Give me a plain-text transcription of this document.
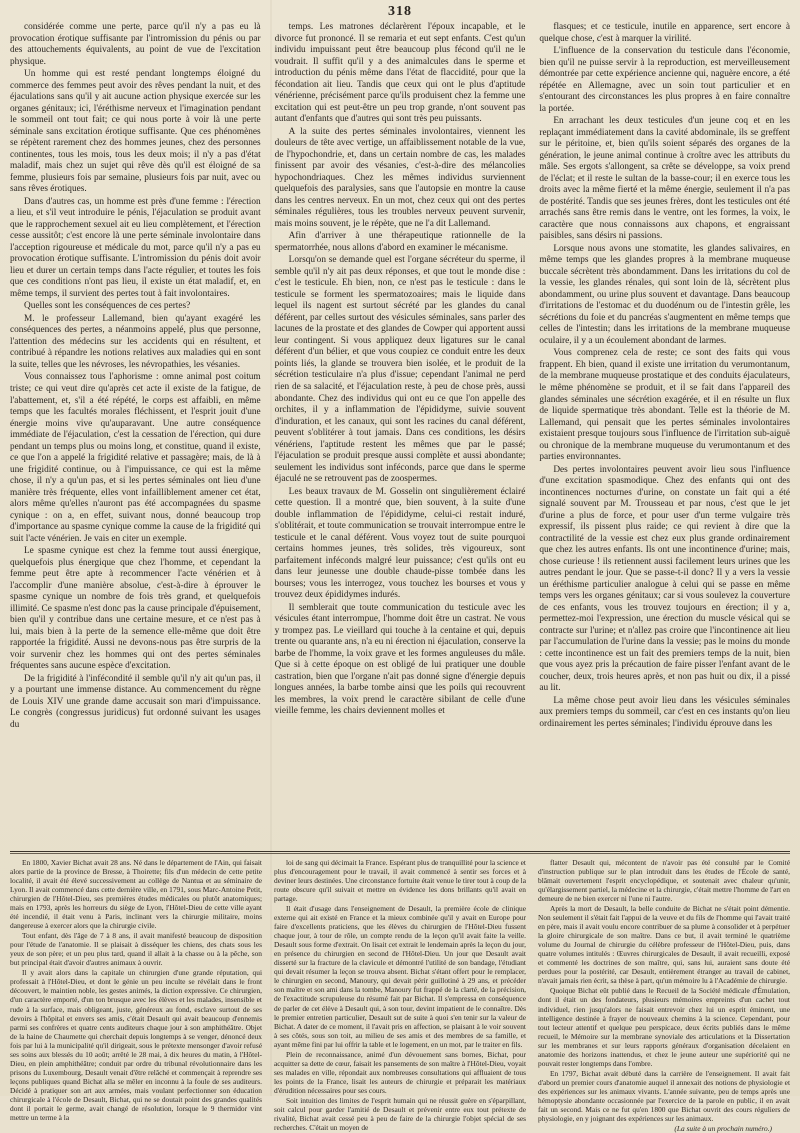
318

considérée comme une perte, parce qu'il n'y a pas eu là provocation érotique suffisante par l'intromission du pénis ou par des attouchements équivalents, au point de vue de l'excitation physique.

Un homme qui est resté pendant longtemps éloigné du commerce des femmes peut avoir des rêves pendant la nuit, et des éjaculations sans qu'il y ait aucune action physique exercée sur les organes génitaux; ici, l'éréthisme nerveux et l'imagination pendant le sommeil ont tout fait; ce qui nous porte à voir là une perte séminale sans excitation érotique suffisante. Que ces phénomènes se répètent rarement chez des hommes jeunes, chez des personnes continentes, tous les mois, tous les deux mois; il n'y a pas d'état maladif, mais chez un sujet qui rêve dès qu'il est éloigné de sa femme, plusieurs fois par semaine, plusieurs fois par nuit, avec ou sans rêves érotiques.

Dans d'autres cas, un homme est près d'une femme : l'érection a lieu, et s'il veut introduire le pénis, l'éjaculation se produit avant que le rapprochement sexuel ait eu lieu complètement, et l'érection cesse aussitôt; c'est encore là une perte séminale involontaire dans l'acception rigoureuse et médicale du mot, parce qu'il n'y a pas eu provocation érotique suffisante. L'intromission du pénis doit avoir lieu et durer un certain temps dans l'acte régulier, et toutes les fois que ces conditions n'ont pas lieu, il existe un état maladif, et, en même temps, il survient des pertes tout à fait involontaires.

Quelles sont les conséquences de ces pertes?

M. le professeur Lallemand, bien qu'ayant exagéré les conséquences des pertes, a néanmoins appelé, plus que personne, l'attention des médecins sur les accidents qui en résultent, et contribué à répandre les notions relatives aux maladies qui en sont la suite, telles que les névroses, les névropathies, les vésanies.

Vous connaissez tous l'aphorisme : omne animal post coitum triste; ce qui veut dire qu'après cet acte il existe de la fatigue, de l'abattement, et, s'il a été répété, le corps est affaibli, en même temps que les facultés morales fléchissent, et l'esprit jouit d'une énergie moins vive qu'auparavant. Une autre conséquence immédiate de l'éjaculation, c'est la cessation de l'érection, qui dure pendant un temps plus ou moins long, et constitue, quand il existe, ce que l'on a appelé la frigidité relative et passagère; mais, de là à une frigidité continue, ou à l'impuissance, ce qui est la même chose, il n'y a qu'un pas, et si les pertes séminales ont lieu d'une manière très fréquente, elles vont infailliblement amener cet état, alors même qu'elles n'auront pas été accompagnées du spasme cynique : on a, en effet, suivant nous, donné beaucoup trop d'importance au spasme cynique comme la cause de la frigidité qui suit l'acte vénérien. Je vais en citer un exemple.

Le spasme cynique est chez la femme tout aussi énergique, quelquefois plus énergique que chez l'homme, et cependant la femme peut être apte à recommencer l'acte vénérien et à l'accomplir d'une manière absolue, c'est-à-dire à éprouver le spasme cynique un nombre de fois très grand, et quelquefois illimité. Ce spasme n'est donc pas la cause principale d'épuisement, bien qu'il y contribue dans une certaine mesure, et ce n'est pas à lui, mais bien à la perte de la semence elle-même que doit être rapportée la frigidité. Aussi ne devons-nous pas être surpris de la voir survenir chez les hommes qui ont des pertes séminales fréquentes sans aucune espèce d'excitation.

De la frigidité à l'infécondité il semble qu'il n'y ait qu'un pas, il y a pourtant une immense distance. Au commencement du règne de Louis XIV une grande dame accusait son mari d'impuissance. Le congrès (congressus juridicus) fut ordonné suivant les usages du

temps. Les matrones déclarèrent l'époux incapable, et le divorce fut prononcé. Il se remaria et eut sept enfants. C'est qu'un individu impuissant peut être beaucoup plus fécond qu'il ne le voudrait. Il suffit qu'il y a des animalcules dans le sperme et introduction du pénis même dans l'état de flaccidité, pour que la fécondation ait lieu. Tandis que ceux qui ont le plus d'aptitude vénérienne, précisément parce qu'ils produisent chez la femme une excitation qui est peut-être un peu trop grande, n'ont souvent pas autant d'enfants que d'autres qui sont très peu puissants.

A la suite des pertes séminales involontaires, viennent les douleurs de tête avec vertige, un affaiblissement notable de la vue, de l'hypochondrie, et, dans un certain nombre de cas, les malades finissent par avoir des vésanies, c'est-à-dire des mélancolies hypochondriaques. Chez les mêmes individus surviennent quelquefois des paralysies, sans que l'autopsie en montre la cause dans les centres nerveux. En un mot, chez ceux qui ont des pertes séminales régulières, tous les troubles nerveux peuvent survenir, mais moins souvent, je le répète, que ne l'a dit Lallemand.

Afin d'arriver à une thérapeutique rationnelle de la spermatorrhée, nous allons d'abord en examiner le mécanisme.

Lorsqu'on se demande quel est l'organe sécréteur du sperme, il semble qu'il n'y ait pas deux réponses, et que tout le monde dise : c'est le testicule. Eh bien, non, ce n'est pas le testicule : dans le testicule se forment les spermatozoaires; mais le liquide dans lequel ils nagent est surtout sécrété par les glandes du canal déférent, par celles surtout des vésicules séminales, sans parler des lacunes de la prostate et des glandes de Cowper qui apportent aussi leur contingent. Si vous appliquez deux ligatures sur le canal déférent d'un bélier, et que vous coupiez ce conduit entre les deux points liés, la glande se trouvera bien isolée, et le produit de la sécrétion testiculaire n'a plus d'issue; cependant l'animal ne perd rien de sa salacité, et l'éjaculation reste, à peu de chose près, aussi abondante. Chez des individus qui ont eu ce que l'on appelle des orchites, il y a inflammation de l'épididyme, suivie souvent d'induration, et les canaux, qui sont les racines du canal déférent, peuvent s'oblitérer à tout jamais. Dans ces conditions, les désirs vénériens, l'aptitude restent les mêmes que par le passé; l'éjaculation se produit presque aussi complète et aussi abondante; seulement les individus sont inféconds, parce que dans le sperme éjaculé ne se retrouvent pas de zoospermes.

Les beaux travaux de M. Gosselin ont singulièrement éclairé cette question. Il a montré que, bien souvent, à la suite d'une double inflammation de l'épididyme, celui-ci restait induré, s'oblitérait, et toute communication se trouvait interrompue entre le testicule et le canal déférent. Vous voyez tout de suite pourquoi certains hommes jeunes, très solides, très vigoureux, sont parfaitement inféconds malgré leur puissance; c'est qu'ils ont eu dans leur jeunesse une double chaude-pisse tombée dans les bourses; vous les interrogez, vous touchez les bourses et vous y trouvez deux épididymes indurés.

Il semblerait que toute communication du testicule avec les vésicules étant interrompue, l'homme doit être un castrat. Ne vous y trompez pas. Le vieillard qui touche à la centaine et qui, depuis trente ou quarante ans, n'a eu ni érection ni éjaculation, conserve la barbe de l'homme, la voix grave et les formes anguleuses du mâle. Que si à cette époque on est obligé de lui pratiquer une double castration, bien que l'organe n'ait pas donné signe d'énergie depuis longues années, la barbe tombe ainsi que les poils qui recouvrent les membres, la voix prend le caractère sibilant de celle d'une vieille femme, les chairs deviennent molles et

flasques; et ce testicule, inutile en apparence, sert encore à quelque chose, c'est à marquer la virilité.

L'influence de la conservation du testicule dans l'économie, bien qu'il ne puisse servir à la reproduction, est merveilleusement démontrée par cette expérience ancienne qui, naguère encore, a été répétée en Allemagne, avec un soin tout particulier et en s'entourant des circonstances les plus propres à en faire connaître la portée.

En arrachant les deux testicules d'un jeune coq et en les replaçant immédiatement dans la cavité abdominale, ils se greffent sur le péritoine, et, bien qu'ils soient séparés des organes de la génération, le jeune animal continue à croître avec les attributs du mâle. Ses ergots s'allongent, sa crête se développe, sa voix prend de l'éclat; et il reste le sultan de la basse-cour; il en exerce tous les droits avec la même fierté et la même énergie, seulement il n'a pas de postérité. Tandis que ses jeunes frères, dont les testicules ont été arrachés sans être remis dans le ventre, ont les formes, la voix, le caractère que nous connaissons aux chapons, et engraissant paisibles, sans désirs ni passions.

Lorsque nous avons une stomatite, les glandes salivaires, en même temps que les glandes propres à la membrane muqueuse buccale sécrètent très abondamment. Dans les irritations du col de la vessie, les glandes rénales, qui sont loin de là, sécrètent plus abondamment, ou urine plus souvent et davantage. Dans beaucoup d'irritations de l'estomac et du duodénum ou de l'intestin grêle, les sécrétions du foie et du pancréas s'augmentent en même temps que celles de l'intestin; dans les irritations de la membrane muqueuse oculaire, il y a un écoulement abondant de larmes.

Vous comprenez cela de reste; ce sont des faits qui vous frappent. Eh bien, quand il existe une irritation du verumontanum, de la membrane muqueuse prostatique et des conduits éjaculateurs, le même phénomène se produit, et il se fait dans l'appareil des glandes séminales une sécrétion exagérée, et il en résulte un flux de liquide spermatique très abondant. Telle est la théorie de M. Lallemand, qui pensait que les pertes séminales involontaires existaient presque toujours sous l'influence de l'irritation sub-aiguë ou chronique de la membrane muqueuse du verumontanum et des parties environnantes.

Des pertes involontaires peuvent avoir lieu sous l'influence d'une excitation spasmodique. Chez des enfants qui ont des incontinences nocturnes d'urine, on constate un fait qui a été signalé souvent par M. Trousseau et par nous, c'est que le jet d'urine a plus de force, et pour user d'un terme vulgaire très expressif, ils pissent plus raide; ce qui revient à dire que la contractilité de la vessie est chez eux plus grande ordinairement que chez les autres enfants. Ils ont une incontinence d'urine; mais, chose curieuse ! ils retiennent aussi facilement leurs urines que les autres pendant le jour. Que se passe-t-il donc? Il y a vers la vessie un éréthisme particulier analogue à celui qui se passe en même temps vers les organes génitaux; car si vous soulevez la couverture de ces enfants, vous les trouvez toujours en érection; il y a, permettez-moi l'expression, une érection du muscle vésical qui se contracte sur l'urine; et n'allez pas croire que l'incontinence ait lieu par l'accumulation de l'urine dans la vessie; pas le moins du monde : cette incontinence est un fait des premiers temps de la nuit, bien que vous ayez pris la précaution de faire pisser l'enfant avant de le coucher, deux, trois heures après, et non pas huit ou dix, il a pissé au lit.

La même chose peut avoir lieu dans les vésicules séminales aux premiers temps du sommeil, car c'est en ces instants qu'on lieu ordinairement les pertes séminales; l'individu éprouve dans les

En 1800, Xavier Bichat avait 28 ans. Né dans le département de l'Ain, qui faisait alors partie de la province de Bresse, à Thoirette; fils d'un médecin de cette petite localité, il avait été élevé successivement au collège de Nantua et au séminaire de Lyon. Il avait commencé dans cette dernière ville, en 1791, sous Marc-Antoine Petit, chirurgien de l'Hôtel-Dieu, ses premières études médicales ou plutôt anatomiques; mais en 1793, après les horreurs du siège de Lyon, l'Hôtel-Dieu de cette ville ayant été incendié, il était venu à Paris, inclinant vers la chirurgie militaire, moins dangereuse à exercer alors que la chirurgie civile.

Tout enfant, dès l'âge de 7 à 8 ans, il avait manifesté beaucoup de disposition pour l'étude de l'anatomie. Il se plaisait à disséquer les chiens, des chats sous les yeux de son père; et un peu plus tard, quand il allait à la chasse ou à la pêche, son but principal était d'avoir d'autres animaux à ouvrir.

Il y avait alors dans la capitale un chirurgien d'une grande réputation, qui professait à l'Hôtel-Dieu, et dont le génie un peu inculte se révélait dans le front découvert, le maintien noble, les gestes animés, la diction expressive. Ce chirurgien, d'un caractère emporté, d'un ton brusque avec les élèves et les malades, insensible et rude à la surface, mais obligeant, juste, généreux au fond, esclave surtout de ses devoirs à l'hôpital et envers ses amis, c'était Desault qui avait beaucoup d'ennemis parmi ses confrères et quatre cents auditeurs chaque jour à son amphithéâtre. Objet de la haine de Chaumette qui cherchait depuis longtemps à se venger, dénoncé deux fois par lui à la municipalité qu'il dirigeait, sous le prétexte mensonger d'avoir refusé ses soins aux blessés du 10 août; arrêté le 28 mai, à dix heures du matin, à l'Hôtel-Dieu, en plein amphithéâtre; conduit par ordre du tribunal révolutionnaire dans les prisons du Luxembourg, Desault venait d'être relâché et commençait à reprendre ses leçons publiques quand Bichat alla se mêler en inconnu à la foule de ses auditeurs. Décidé à pratiquer son art aux armées, mais voulant perfectionner son éducation chirurgicale à l'école de Desault, Bichat, qui ne se doutait point des grandes qualités dont il portait le germe, avait changé de résolution, lorsque le 9 thermidor vint mettre un terme à la

loi de sang qui décimait la France. Espérant plus de tranquillité pour la science et plus d'encouragement pour le travail, il avait commencé à sentir ses forces et à deviner leurs destinées. Une circonstance fortuite était venue le tirer tout à coup de la route obscure qu'il suivait et mettre en évidence les dons brillants qu'il avait en partage.

Il était d'usage dans l'enseignement de Desault, la première école de clinique externe qui ait existé en France et la mieux combinée qu'il y avait en Europe pour faire d'excellents praticiens, que les élèves du chirurgien de l'Hôtel-Dieu fussent chaque jour, à tour de rôle, un compte rendu de la leçon qu'il avait faite la veille. Desault sous forme d'extrait. On lisait cet extrait le lendemain après la leçon du jour, en présence du chirurgien en second de l'Hôtel-Dieu. Un jour que Desault avait disserté sur la fracture de la clavicule et démontré l'utilité de son bandage, l'étudiant qui devait résumer la leçon se trouva absent. Bichat s'étant offert pour le remplacer, le chirurgien en second, Manoury, qui devait périr guillotiné à 29 ans, et précéder son maître et son ami dans la tombe, Manoury fut frappé de la clarté, de la précision, de l'exactitude scrupuleuse du résumé fait par Bichat. Il s'empressa en conséquence de parler de cet élève à Desault qui, à son tour, devint impatient de le connaître. Dès le premier entretien particulier, Desault sut de suite à quoi s'en tenir sur la valeur de Bichat. A dater de ce moment, il l'avait pris en affection, se plaisant à le voir souvent à ses côtés, sous son toit, au milieu de ses amis et des membres de sa famille, et ayant même fini par lui offrir la table et le logement, en un mot, par le traiter en fils.

Plein de reconnaissance, animé d'un dévouement sans bornes, Bichat, pour acquitter sa dette de cœur, faisait les pansements de son maître à l'Hôtel-Dieu, voyait ses malades en ville, répondait aux nombreuses consultations qui affluaient de tous les points de la France, lisait les auteurs de chirurgie et préparait les matériaux d'érudition nécessaires pour ses cours.

Soit intuition des limites de l'esprit humain qui ne réussit guère en s'éparpillant, soit calcul pour garder l'amitié de Desault et prévenir entre eux tout prétexte de rivalité, Bichat avait cessé peu à peu de faire de la chirurgie l'objet spécial de ses recherches. C'était un moyen de

flatter Desault qui, mécontent de n'avoir pas été consulté par le Comité d'instruction publique sur le plan introduit dans les études de l'École de santé, blâmait ouvertement l'esprit encyclopédique, et soutenait avec chaleur qu'unir, qu'élargissement partiel, la médecine et la chirurgie, c'était mettre l'homme de l'art en demeure de ne bien exercer ni l'une ni l'autre.

Après la mort de Desault, la belle conduite de Bichat ne s'était point démentie. Non seulement il s'était fait l'appui de la veuve et du fils de l'homme qui l'avait traité en père, mais il avait voulu encore contribuer de sa plume à consolider et à perpétuer la gloire chirurgicale de son maître. Dans ce but, il avait terminé le quatrième volume du Journal de chirurgie du célèbre professeur de l'Hôtel-Dieu, puis, dans quatre volumes intitulés : Œuvres chirurgicales de Desault, il avait recueilli, exposé et commenté les doctrines de son maître, qui, sans lui, auraient sans doute été perdues pour la postérité, car Desault, entièrement étranger au travail de cabinet, n'avait jamais rien écrit, sa thèse à part, qu'un mémoire lu à l'Académie de chirurgie.

Quoique Bichat eût publié dans le Recueil de la Société médicale d'Émulation, dont il était un des fondateurs, plusieurs mémoires empreints d'un cachet tout individuel, rien jusqu'alors ne faisait entrevoir chez lui un esprit éminent, une intelligence destinée à frayer de nouveaux chemins à la science. Cependant, pour tout lecteur attentif et quelque peu perspicace, deux écrits publiés dans le même recueil, le Mémoire sur la membrane synoviale des articulations et la Dissertation sur les membranes et sur leurs rapports généraux d'organisation décelaient en anatomie des horizons inattendus, et chez le jeune auteur une supériorité qui ne pouvait rester longtemps dans l'ombre.

En 1797, Bichat avait débuté dans la carrière de l'enseignement. Il avait fait d'abord un premier cours d'anatomie auquel il annexait des notions de physiologie et des expériences sur les animaux vivants. L'année suivante, peu de temps après une hémoptysie abondante occasionnée par l'exercice de la parole en public, il en avait fait un second. Mais ce ne fut qu'en 1800 que Bichat ouvrit des cours réguliers de physiologie, en y joignant des expériences sur les animaux.

(La suite à un prochain numéro.)
